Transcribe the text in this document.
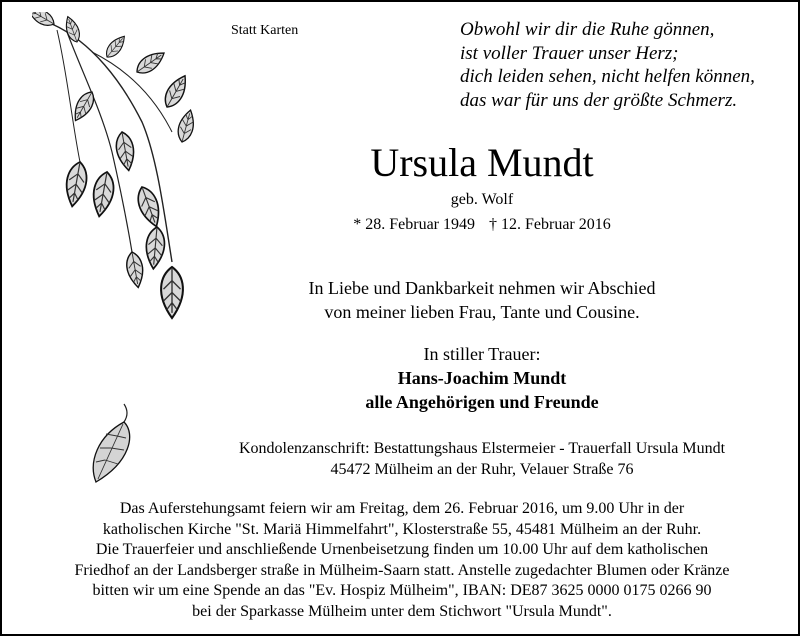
Statt Karten	Obwohl wir dir die Ruhe gönnen,
ist voller Trauer unser Herz;
dich leiden sehen, nicht helfen können,
das war für uns der größte Schmerz.
Ursula Mundt
geb. Wolf
* 28. Februar 1949 † 12. Februar 2016
In Liebe und Dankbarkeit nehmen wir Abschied
von meiner lieben Frau, Tante und Cousine.
In stiller Trauer:
Hans-Joachim Mundt
alle Angehörigen und Freunde
Kondolenzanschrift: Bestattungshaus Elstermeier - Trauerfall Ursula Mundt
45472 Mülheim an der Ruhr, Velauer Straße 76
Das Auferstehungsamt feiern wir am Freitag, dem 26. Februar 2016, um 9.00 Uhr in der
katholischen Kirche "St. Mariä Himmelfahrt", Klosterstraße 55, 45481 Mülheim an der Ruhr.
Die Trauerfeier und anschließende Urnenbeisetzung finden um 10.00 Uhr auf dem katholischen
Friedhof an der Landsberger straße in Mülheim-Saarn statt. Anstelle zugedachter Blumen oder Kränze
bitten wir um eine Spende an das "Ev. Hospiz Mülheim", IBAN: DE87 3625 0000 0175 0266 90
bei der Sparkasse Mülheim unter dem Stichwort "Ursula Mundt".
